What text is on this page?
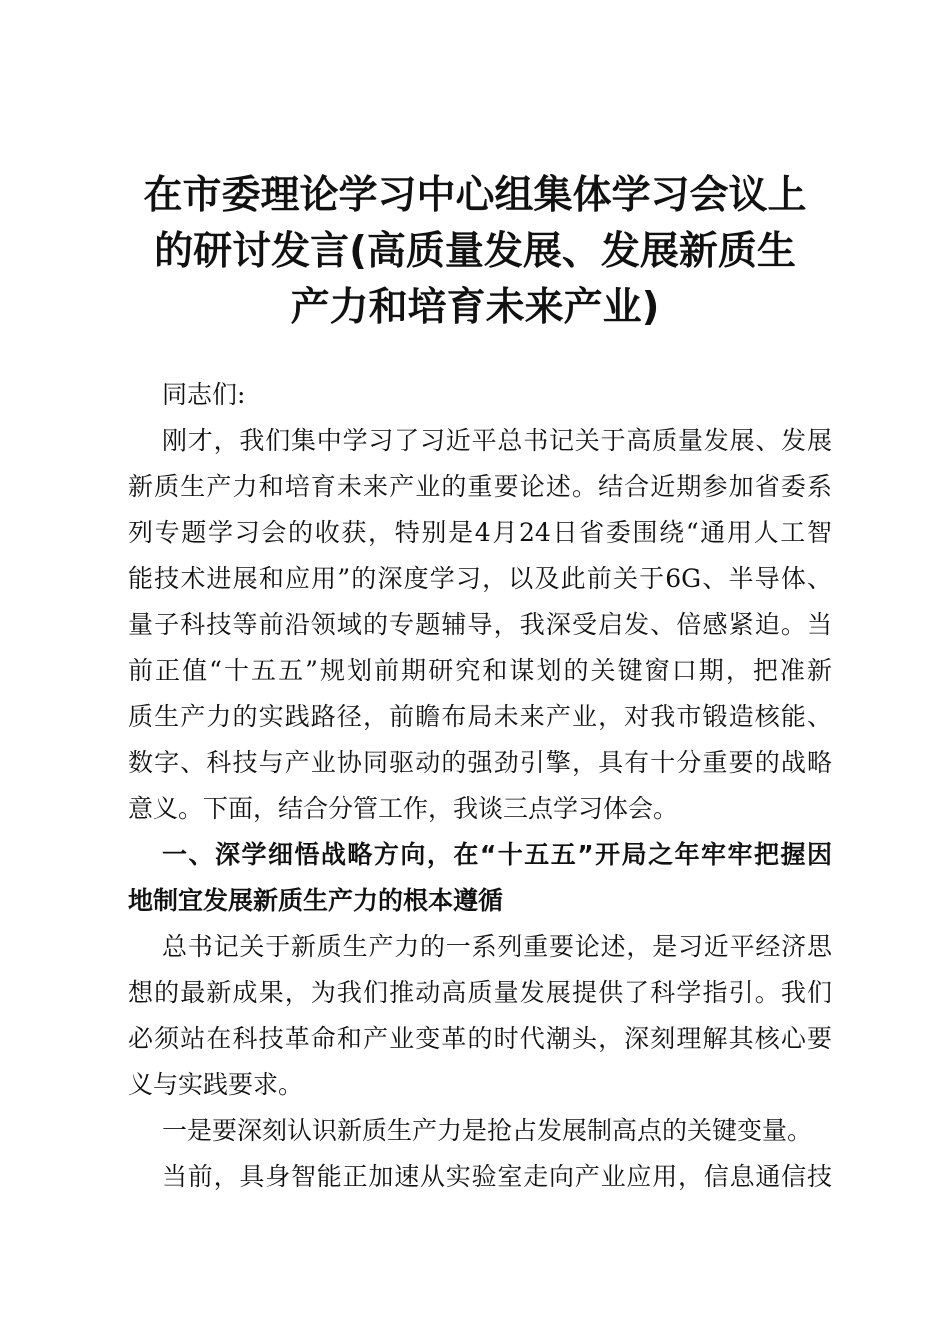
在市委理论学习中心组集体学习会议上
的研讨发言(高质量发展、发展新质生
产力和培育未来产业)
同志们:
刚才，我们集中学习了习近平总书记关于高质量发展、发展
新质生产力和培育未来产业的重要论述。结合近期参加省委系
列专题学习会的收获，特别是4月24日省委围绕“通用人工智
能技术进展和应用”的深度学习，以及此前关于6G、半导体、
量子科技等前沿领域的专题辅导，我深受启发、倍感紧迫。当
前正值“十五五”规划前期研究和谋划的关键窗口期，把准新
质生产力的实践路径，前瞻布局未来产业，对我市锻造核能、
数字、科技与产业协同驱动的强劲引擎，具有十分重要的战略
意义。下面，结合分管工作，我谈三点学习体会。
一、深学细悟战略方向，在“十五五”开局之年牢牢把握因
地制宜发展新质生产力的根本遵循
总书记关于新质生产力的一系列重要论述，是习近平经济思
想的最新成果，为我们推动高质量发展提供了科学指引。我们
必须站在科技革命和产业变革的时代潮头，深刻理解其核心要
义与实践要求。
一是要深刻认识新质生产力是抢占发展制高点的关键变量。
当前，具身智能正加速从实验室走向产业应用，信息通信技
